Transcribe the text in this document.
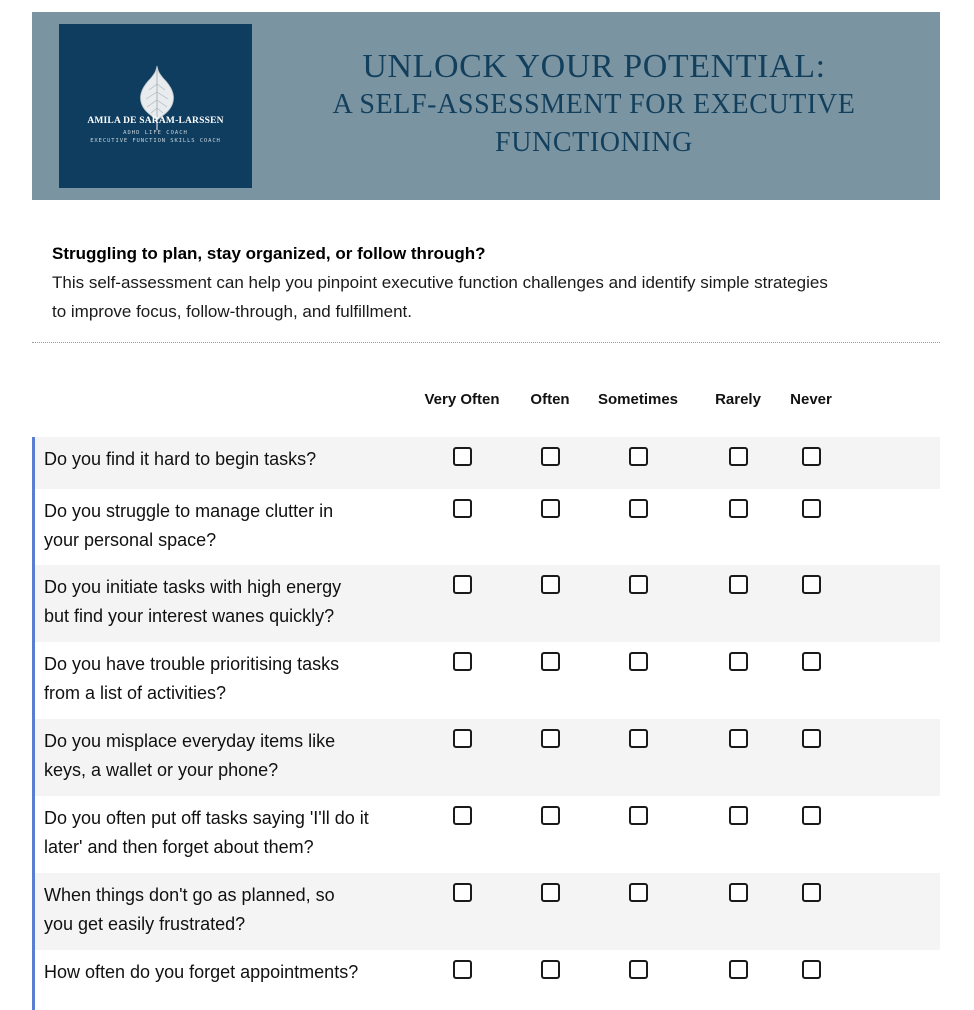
AMILA DE SARAM-LARSSEN
ADHD LIFE COACH
EXECUTIVE FUNCTION SKILLS COACH
UNLOCK YOUR POTENTIAL:
A SELF-ASSESSMENT FOR EXECUTIVE
FUNCTIONING
Struggling to plan, stay organized, or follow through?
This self-assessment can help you pinpoint executive function challenges and identify simple strategies
to improve focus, follow-through, and fulfillment.
Very Often Often Sometimes Rarely Never
Do you find it hard to begin tasks?
Do you struggle to manage clutter in
your personal space?
Do you initiate tasks with high energy
but find your interest wanes quickly?
Do you have trouble prioritising tasks
from a list of activities?
Do you misplace everyday items like
keys, a wallet or your phone?
Do you often put off tasks saying 'I'll do it
later' and then forget about them?
When things don't go as planned, so
you get easily frustrated?
How often do you forget appointments?
